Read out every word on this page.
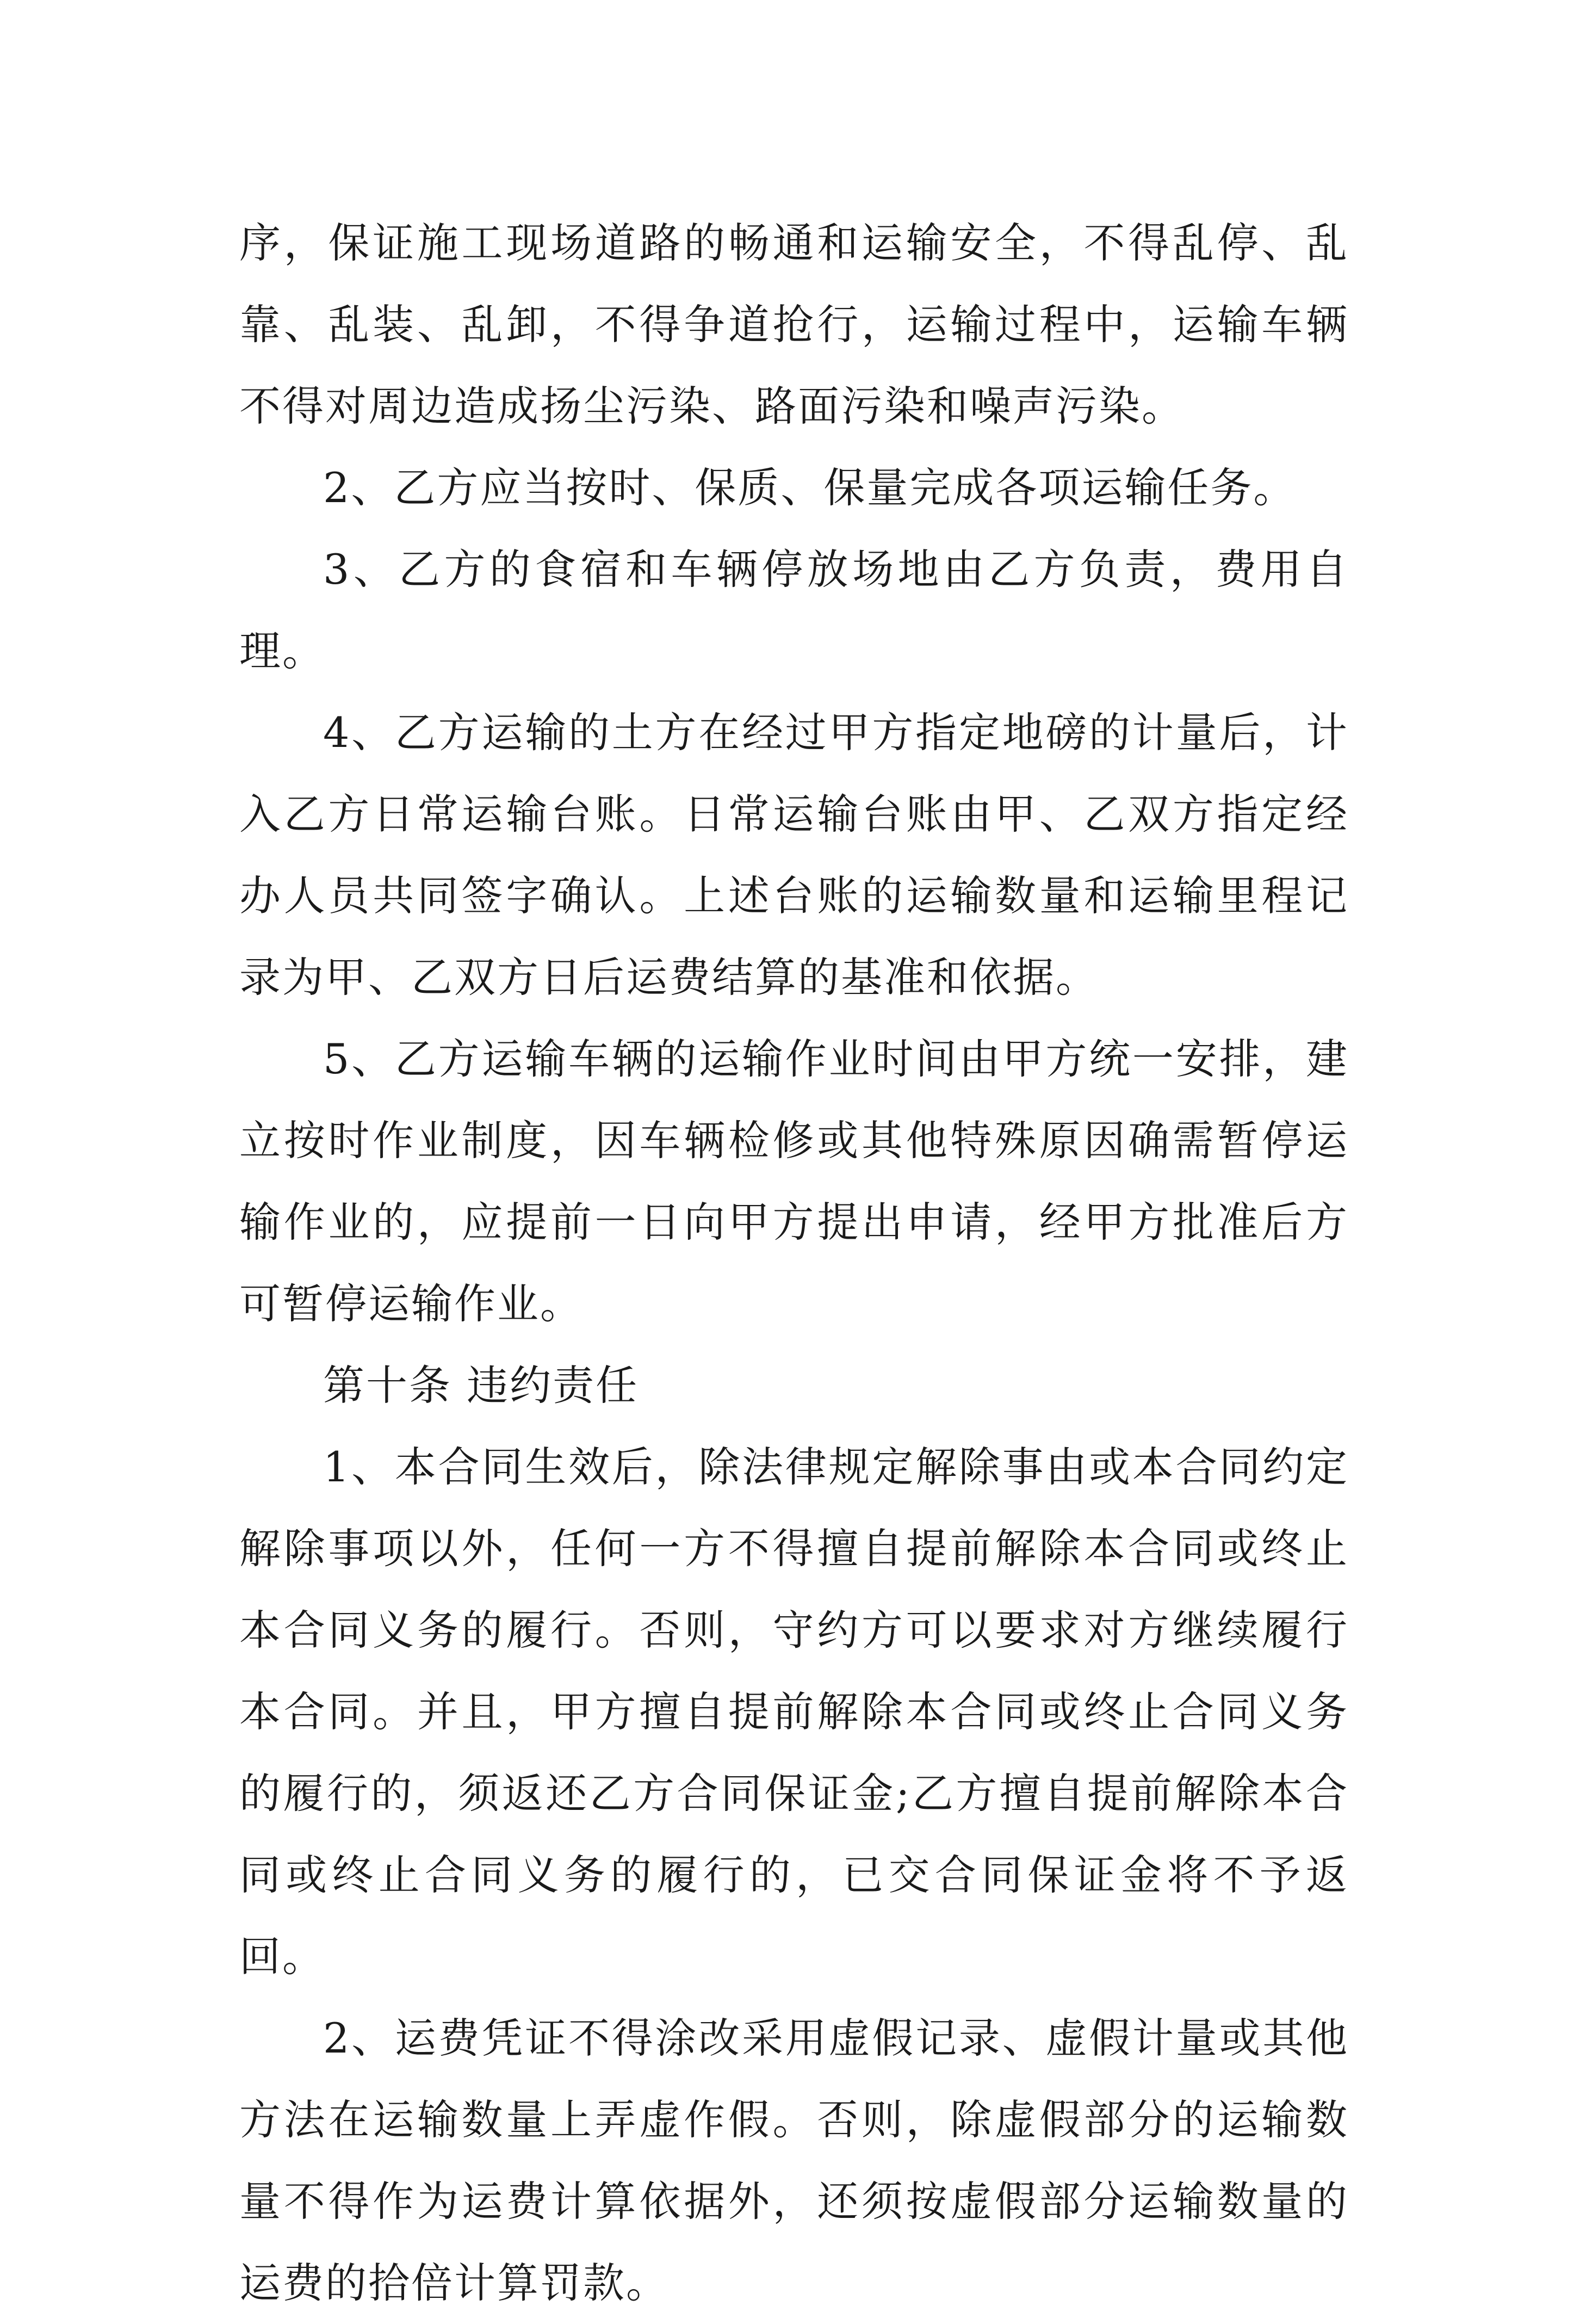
序，保证施工现场道路的畅通和运输安全，不得乱停、乱靠、乱装、乱卸，不得争道抢行，运输过程中，运输车辆不得对周边造成扬尘污染、路面污染和噪声污染。

2、乙方应当按时、保质、保量完成各项运输任务。

3、乙方的食宿和车辆停放场地由乙方负责，费用自理。

4、乙方运输的土方在经过甲方指定地磅的计量后，计入乙方日常运输台账。日常运输台账由甲、乙双方指定经办人员共同签字确认。上述台账的运输数量和运输里程记录为甲、乙双方日后运费结算的基准和依据。

5、乙方运输车辆的运输作业时间由甲方统一安排，建立按时作业制度，因车辆检修或其他特殊原因确需暂停运输作业的，应提前一日向甲方提出申请，经甲方批准后方可暂停运输作业。

第十条 违约责任

1、本合同生效后，除法律规定解除事由或本合同约定解除事项以外，任何一方不得擅自提前解除本合同或终止本合同义务的履行。否则，守约方可以要求对方继续履行本合同。并且，甲方擅自提前解除本合同或终止合同义务的履行的，须返还乙方合同保证金;乙方擅自提前解除本合同或终止合同义务的履行的，已交合同保证金将不予返回。

2、运费凭证不得涂改采用虚假记录、虚假计量或其他方法在运输数量上弄虚作假。否则，除虚假部分的运输数量不得作为运费计算依据外，还须按虚假部分运输数量的运费的拾倍计算罚款。
